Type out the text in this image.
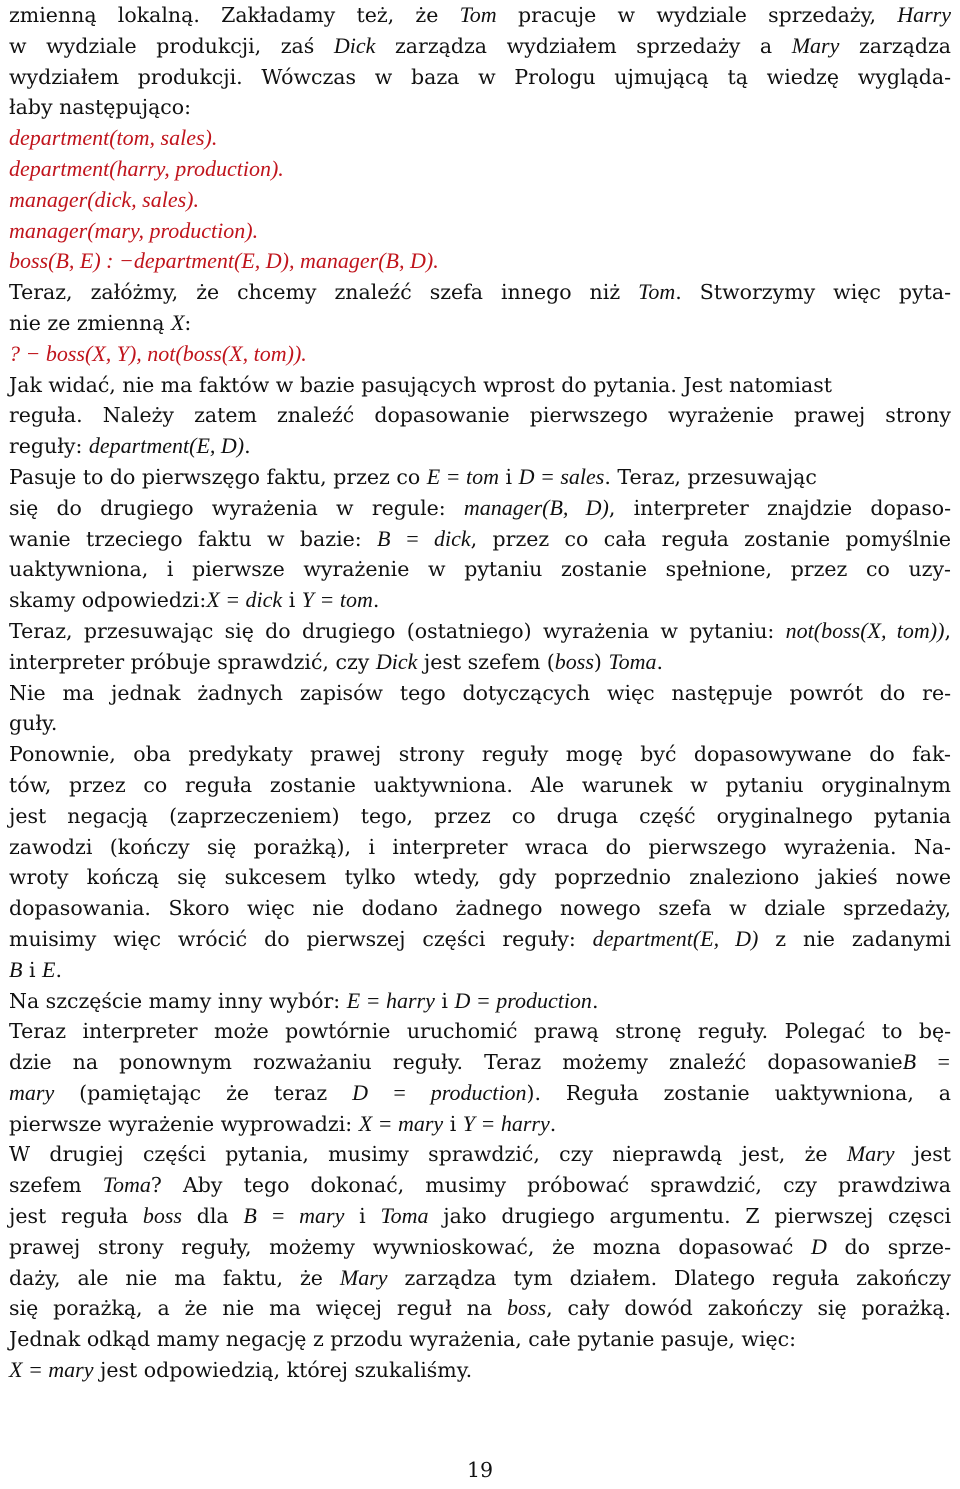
zmienną lokalną. Zakładamy też, że Tom pracuje w wydziale sprzedaży, Harry
w wydziale produkcji, zaś Dick zarządza wydziałem sprzedaży a Mary zarządza
wydziałem produkcji. Wówczas w baza w Prologu ujmującą tą wiedzę wygląda-
łaby następująco:
department(tom, sales).
department(harry, production).
manager(dick, sales).
manager(mary, production).
boss(B, E) : −department(E, D), manager(B, D).
Teraz, załóżmy, że chcemy znaleźć szefa innego niż Tom. Stworzymy więc pyta-
nie ze zmienną X:
? − boss(X, Y), not(boss(X, tom)).
Jak widać, nie ma faktów w bazie pasujących wprost do pytania. Jest natomiast
reguła. Należy zatem znaleźć dopasowanie pierwszego wyrażenie prawej strony
reguły: department(E, D).
Pasuje to do pierwszęgo faktu, przez co E = tom i D = sales. Teraz, przesuwając
się do drugiego wyrażenia w regule: manager(B, D), interpreter znajdzie dopaso-
wanie trzeciego faktu w bazie: B = dick, przez co cała reguła zostanie pomyślnie
uaktywniona, i pierwsze wyrażenie w pytaniu zostanie spełnione, przez co uzy-
skamy odpowiedzi:X = dick i Y = tom.
Teraz, przesuwając się do drugiego (ostatniego) wyrażenia w pytaniu: not(boss(X, tom)),
interpreter próbuje sprawdzić, czy Dick jest szefem (boss) Toma.
Nie ma jednak żadnych zapisów tego dotyczących więc następuje powrót do re-
guły.
Ponownie, oba predykaty prawej strony reguły mogę być dopasowywane do fak-
tów, przez co reguła zostanie uaktywniona. Ale warunek w pytaniu oryginalnym
jest negacją (zaprzeczeniem) tego, przez co druga część oryginalnego pytania
zawodzi (kończy się porażką), i interpreter wraca do pierwszego wyrażenia. Na-
wroty kończą się sukcesem tylko wtedy, gdy poprzednio znaleziono jakieś nowe
dopasowania. Skoro więc nie dodano żadnego nowego szefa w dziale sprzedaży,
muisimy więc wrócić do pierwszej części reguły: department(E, D) z nie zadanymi
B i E.
Na szczęście mamy inny wybór: E = harry i D = production.
Teraz interpreter może powtórnie uruchomić prawą stronę reguły. Polegać to bę-
dzie na ponownym rozważaniu reguły. Teraz możemy znaleźć dopasowanieB =
mary (pamiętając że teraz D = production). Reguła zostanie uaktywniona, a
pierwsze wyrażenie wyprowadzi: X = mary i Y = harry.
W drugiej części pytania, musimy sprawdzić, czy nieprawdą jest, że Mary jest
szefem Toma? Aby tego dokonać, musimy próbować sprawdzić, czy prawdziwa
jest reguła boss dla B = mary i Toma jako drugiego argumentu. Z pierwszej częsci
prawej strony reguły, możemy wywnioskować, że mozna dopasować D do sprze-
daży, ale nie ma faktu, że Mary zarządza tym działem. Dlatego reguła zakończy
się porażką, a że nie ma więcej reguł na boss, cały dowód zakończy się porażką.
Jednak odkąd mamy negację z przodu wyrażenia, całe pytanie pasuje, więc:
X = mary jest odpowiedzią, której szukaliśmy.
19
